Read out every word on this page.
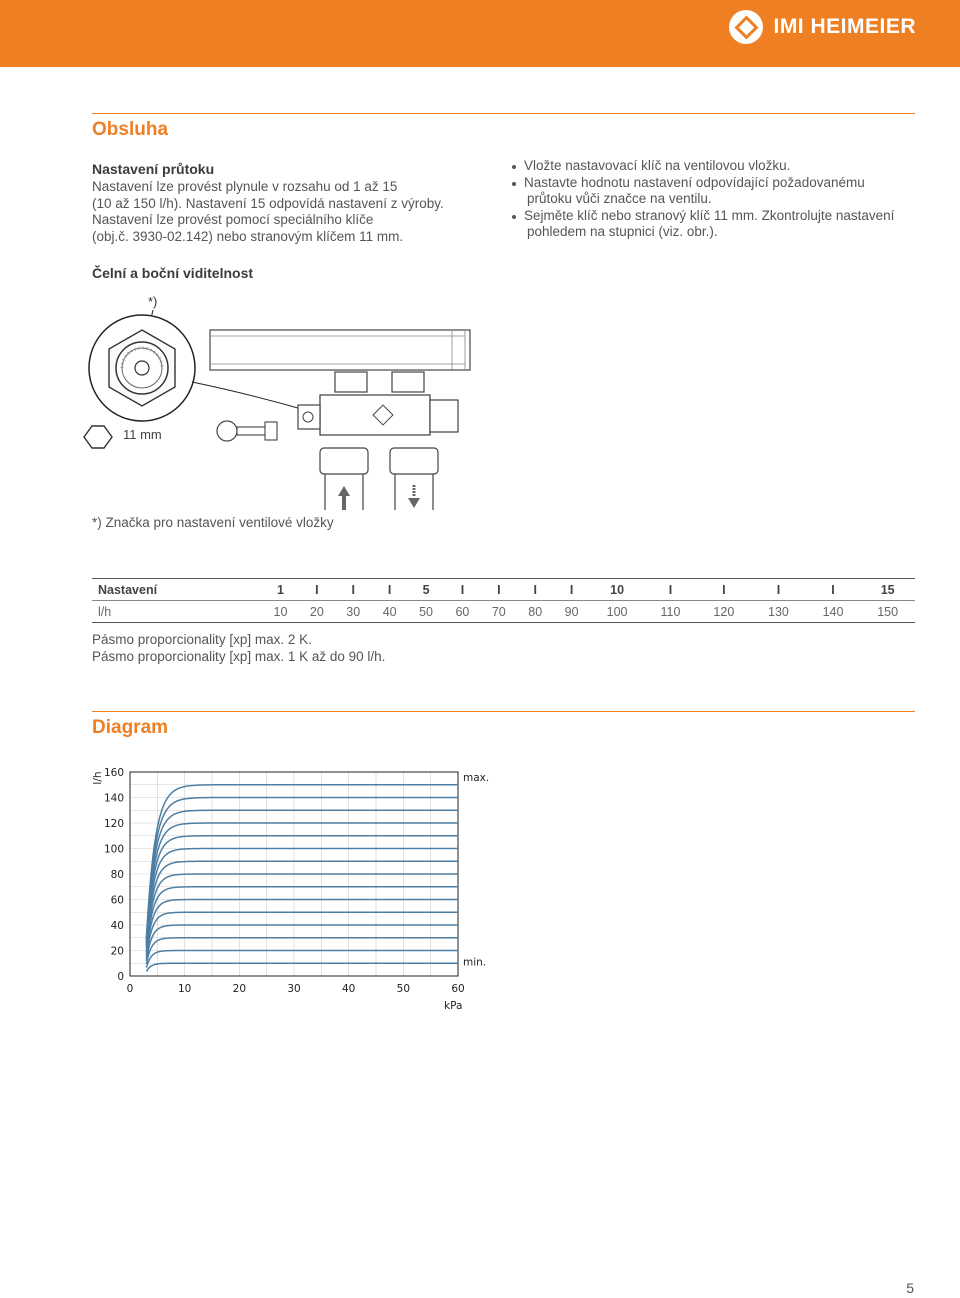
IMI HEIMEIER
Obsluha
Nastavení průtoku
Nastavení lze provést plynule v rozsahu od 1 až 15
(10 až 150 l/h). Nastavení 15 odpovídá nastavení z výroby.
Nastavení lze provést pomocí speciálního klíče
(obj.č. 3930-02.142) nebo stranovým klíčem 11 mm.
Vložte nastavovací klíč na ventilovou vložku.
Nastavte hodnotu nastavení odpovídající požadovanému
průtoku vůči značce na ventilu.
Sejměte klíč nebo stranový klíč 11 mm. Zkontrolujte nastavení
pohledem na stupnici (viz. obr.).
Čelní a boční viditelnost
*)
11 mm
*) Značka pro nastavení ventilové vložky
Nastavení	1	I	I	I	5	I	I	I	I	10	I	I	I	I	15
l/h	10	20	30	40	50	60	70	80	90	100	110	120	130	140	150
Pásmo proporcionality [xp] max. 2 K.
Pásmo proporcionality [xp] max. 1 K až do 90 l/h.
Diagram
0	10	20	30	40	50	60
0
20
40
60
80
100
120
140
160
kPa
l/h	max.
min.
5
